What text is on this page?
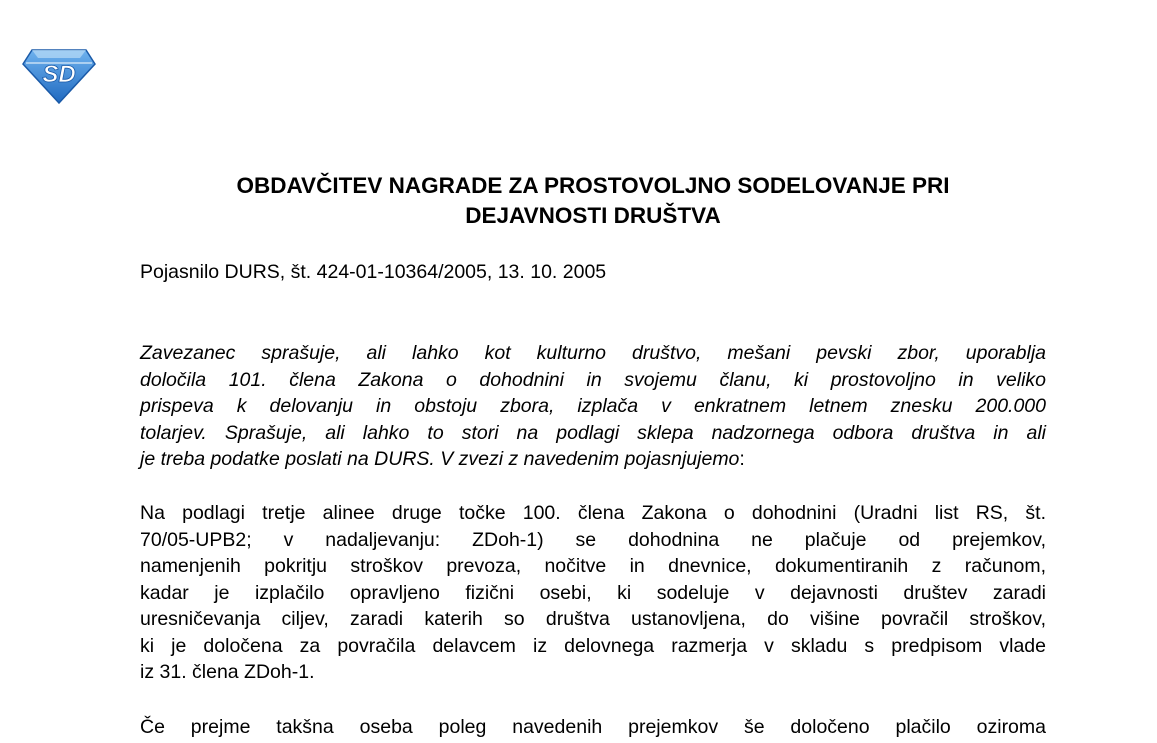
SD
OBDAVČITEV NAGRADE ZA PROSTOVOLJNO SODELOVANJE PRI
DEJAVNOSTI DRUŠTVA

Pojasnilo DURS, št. 424-01-10364/2005, 13. 10. 2005

Zavezanec sprašuje, ali lahko kot kulturno društvo, mešani pevski zbor, uporablja
določila 101. člena Zakona o dohodnini in svojemu članu, ki prostovoljno in veliko
prispeva k delovanju in obstoju zbora, izplača v enkratnem letnem znesku 200.000
tolarjev. Sprašuje, ali lahko to stori na podlagi sklepa nadzornega odbora društva in ali
je treba podatke poslati na DURS. V zvezi z navedenim pojasnjujemo:

Na podlagi tretje alinee druge točke 100. člena Zakona o dohodnini (Uradni list RS, št.
70/05-UPB2; v nadaljevanju: ZDoh-1) se dohodnina ne plačuje od prejemkov,
namenjenih pokritju stroškov prevoza, nočitve in dnevnice, dokumentiranih z računom,
kadar je izplačilo opravljeno fizični osebi, ki sodeluje v dejavnosti društev zaradi
uresničevanja ciljev, zaradi katerih so društva ustanovljena, do višine povračil stroškov,
ki je določena za povračila delavcem iz delovnega razmerja v skladu s predpisom vlade
iz 31. člena ZDoh-1.

Če prejme takšna oseba poleg navedenih prejemkov še določeno plačilo oziroma
